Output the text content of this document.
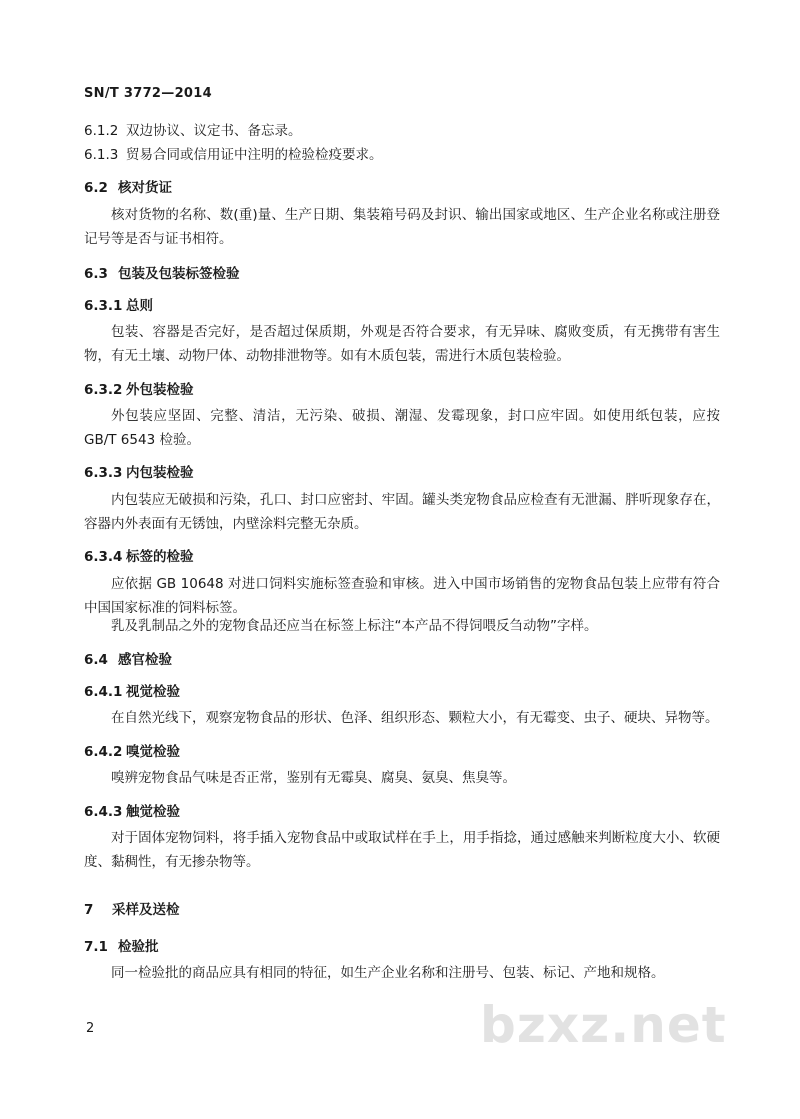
SN/T 3772—2014
6.1.2 双边协议、议定书、备忘录。
6.1.3 贸易合同或信用证中注明的检验检疫要求。
6.2 核对货证
核对货物的名称、数(重)量、生产日期、集装箱号码及封识、输出国家或地区、生产企业名称或注册登记号等是否与证书相符。
6.3 包装及包装标签检验
6.3.1 总则
包装、容器是否完好，是否超过保质期，外观是否符合要求，有无异味、腐败变质，有无携带有害生物，有无土壤、动物尸体、动物排泄物等。如有木质包装，需进行木质包装检验。
6.3.2 外包装检验
外包装应坚固、完整、清洁，无污染、破损、潮湿、发霉现象，封口应牢固。如使用纸包装，应按GB/T 6543 检验。
6.3.3 内包装检验
内包装应无破损和污染，孔口、封口应密封、牢固。罐头类宠物食品应检查有无泄漏、胖听现象存在，容器内外表面有无锈蚀，内壁涂料完整无杂质。
6.3.4 标签的检验
应依据 GB 10648 对进口饲料实施标签查验和审核。进入中国市场销售的宠物食品包装上应带有符合中国国家标准的饲料标签。
乳及乳制品之外的宠物食品还应当在标签上标注“本产品不得饲喂反刍动物”字样。
6.4 感官检验
6.4.1 视觉检验
在自然光线下，观察宠物食品的形状、色泽、组织形态、颗粒大小，有无霉变、虫子、硬块、异物等。
6.4.2 嗅觉检验
嗅辨宠物食品气味是否正常，鉴别有无霉臭、腐臭、氨臭、焦臭等。
6.4.3 触觉检验
对于固体宠物饲料，将手插入宠物食品中或取试样在手上，用手指捻，通过感触来判断粒度大小、软硬度、黏稠性，有无掺杂物等。
7 采样及送检
7.1 检验批
同一检验批的商品应具有相同的特征，如生产企业名称和注册号、包装、标记、产地和规格。
2	bzxz.net
